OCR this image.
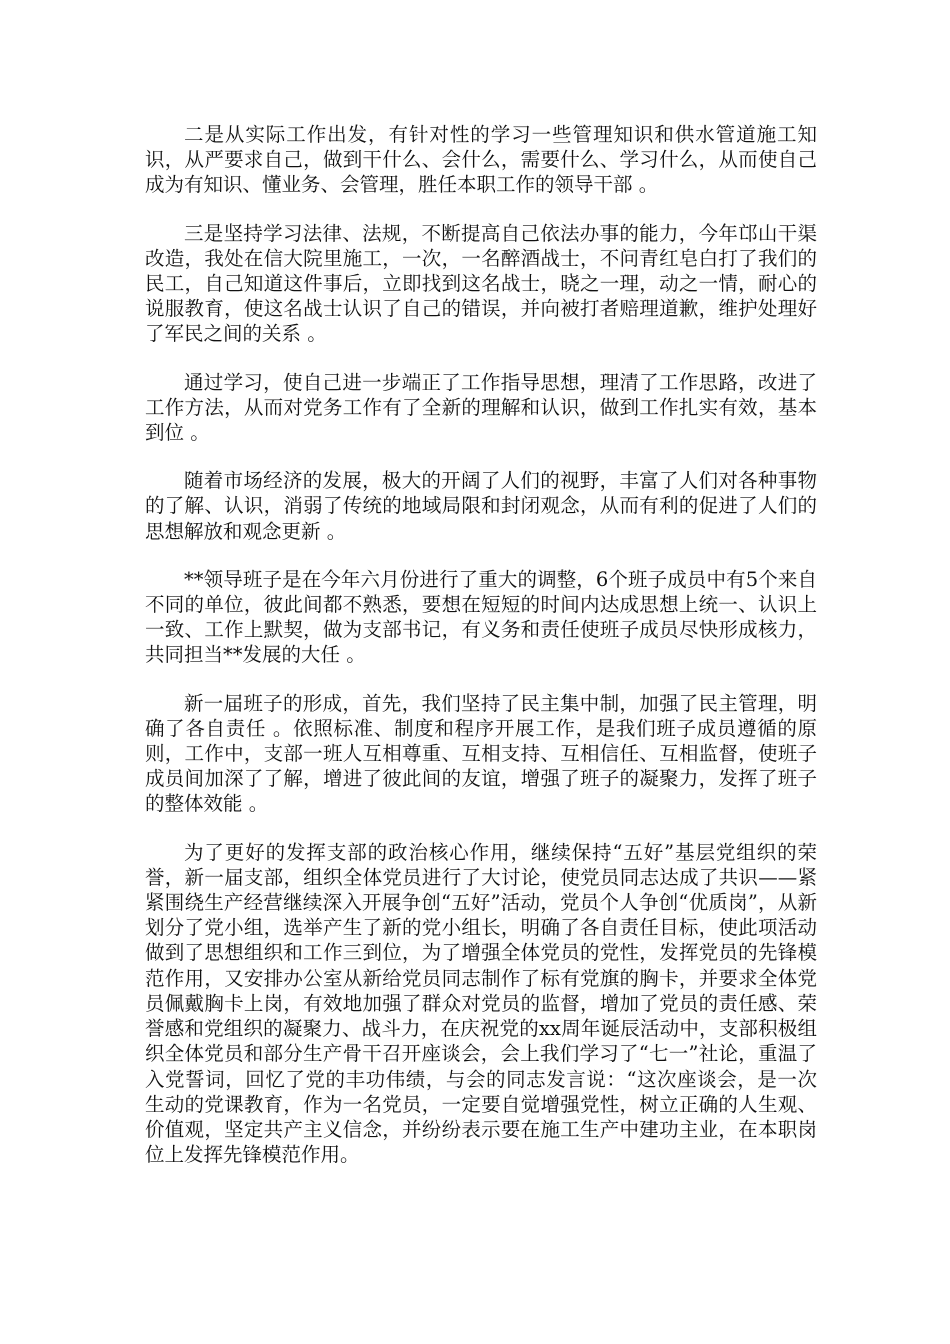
二是从实际工作出发，有针对性的学习一些管理知识和供水管道施工知识，从严要求自己，做到干什么、会什么，需要什么、学习什么，从而使自己成为有知识、懂业务、会管理，胜任本职工作的领导干部 。

三是坚持学习法律、法规，不断提高自己依法办事的能力，今年邙山干渠改造，我处在信大院里施工，一次，一名醉酒战士，不问青红皂白打了我们的民工，自己知道这件事后，立即找到这名战士，晓之一理，动之一情，耐心的说服教育，使这名战士认识了自己的错误，并向被打者赔理道歉，维护处理好了军民之间的关系 。

通过学习，使自己进一步端正了工作指导思想，理清了工作思路，改进了工作方法，从而对党务工作有了全新的理解和认识，做到工作扎实有效，基本到位 。

随着市场经济的发展，极大的开阔了人们的视野，丰富了人们对各种事物的了解、认识，消弱了传统的地域局限和封闭观念，从而有利的促进了人们的思想解放和观念更新 。

**领导班子是在今年六月份进行了重大的调整，6个班子成员中有5个来自不同的单位，彼此间都不熟悉，要想在短短的时间内达成思想上统一、认识上一致、工作上默契，做为支部书记，有义务和责任使班子成员尽快形成核力，共同担当**发展的大任 。

新一届班子的形成，首先，我们坚持了民主集中制，加强了民主管理，明确了各自责任 。依照标准、制度和程序开展工作，是我们班子成员遵循的原则，工作中，支部一班人互相尊重、互相支持、互相信任、互相监督，使班子成员间加深了了解，增进了彼此间的友谊，增强了班子的凝聚力，发挥了班子的整体效能 。

为了更好的发挥支部的政治核心作用，继续保持“五好”基层党组织的荣誉，新一届支部，组织全体党员进行了大讨论，使党员同志达成了共识——紧紧围绕生产经营继续深入开展争创“五好”活动，党员个人争创“优质岗”，从新划分了党小组，选举产生了新的党小组长，明确了各自责任目标，使此项活动做到了思想组织和工作三到位，为了增强全体党员的党性，发挥党员的先锋模范作用，又安排办公室从新给党员同志制作了标有党旗的胸卡，并要求全体党员佩戴胸卡上岗，有效地加强了群众对党员的监督，增加了党员的责任感、荣誉感和党组织的凝聚力、战斗力，在庆祝党的xx周年诞辰活动中，支部积极组织全体党员和部分生产骨干召开座谈会，会上我们学习了“七一”社论，重温了入党誓词，回忆了党的丰功伟绩，与会的同志发言说：“这次座谈会，是一次生动的党课教育，作为一名党员，一定要自觉增强党性，树立正确的人生观、价值观，坚定共产主义信念，并纷纷表示要在施工生产中建功主业，在本职岗位上发挥先锋模范作用。
